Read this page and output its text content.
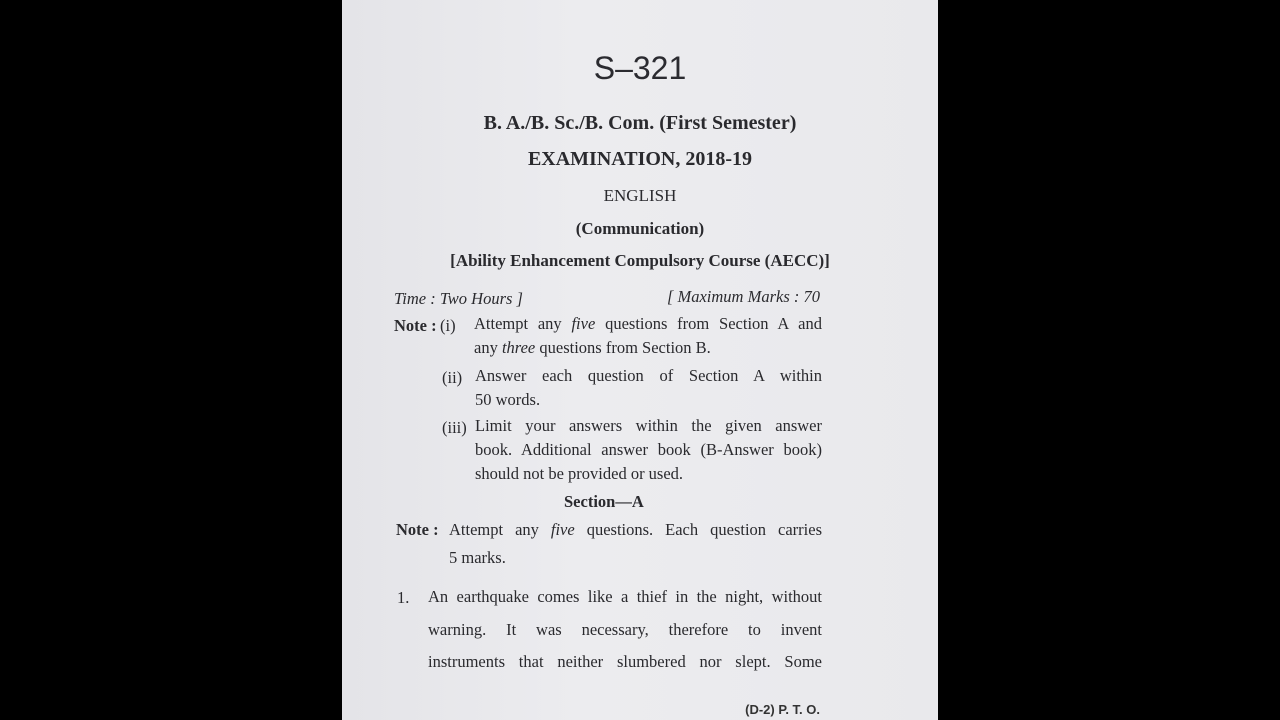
S–321
B. A./B. Sc./B. Com. (First Semester)
EXAMINATION, 2018-19
ENGLISH
(Communication)
[Ability Enhancement Compulsory Course (AECC)]
Time : Two Hours ]	[ Maximum Marks : 70
Note : (i) Attempt any five questions from Section A and
any three questions from Section B.
(ii) Answer each question of Section A within
50 words.
(iii) Limit your answers within the given answer
book. Additional answer book (B-Answer book)
should not be provided or used.
Section—A
Note : Attempt any five questions. Each question carries
5 marks.
1. An earthquake comes like a thief in the night, without
warning. It was necessary, therefore to invent
instruments that neither slumbered nor slept. Some
(D-2) P. T. O.
